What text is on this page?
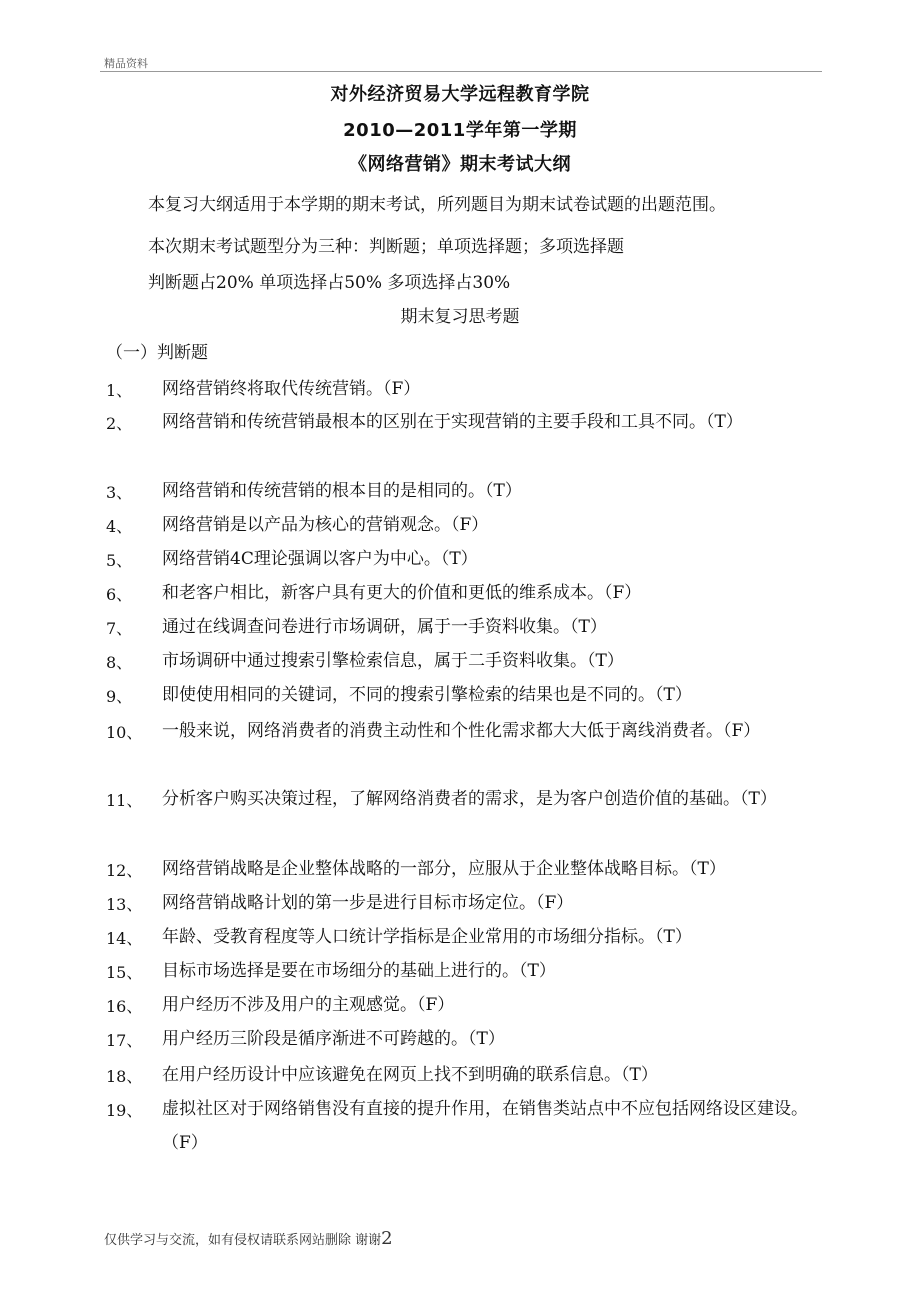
精品资料
对外经济贸易大学远程教育学院
2010—2011学年第一学期
《网络营销》期末考试大纲
本复习大纲适用于本学期的期末考试，所列题目为期末试卷试题的出题范围。
本次期末考试题型分为三种：判断题；单项选择题；多项选择题
判断题占20% 单项选择占50% 多项选择占30%
期末复习思考题
（一）判断题
1、 网络营销终将取代传统营销。（F）
2、 网络营销和传统营销最根本的区别在于实现营销的主要手段和工具不同。（T）
3、 网络营销和传统营销的根本目的是相同的。（T）
4、 网络营销是以产品为核心的营销观念。（F）
5、 网络营销4C理论强调以客户为中心。（T）
6、 和老客户相比，新客户具有更大的价值和更低的维系成本。（F）
7、 通过在线调查问卷进行市场调研，属于一手资料收集。（T）
8、 市场调研中通过搜索引擎检索信息，属于二手资料收集。（T）
9、 即使使用相同的关键词，不同的搜索引擎检索的结果也是不同的。（T）
10、 一般来说，网络消费者的消费主动性和个性化需求都大大低于离线消费者。（F）
11、 分析客户购买决策过程，了解网络消费者的需求，是为客户创造价值的基础。（T）
12、 网络营销战略是企业整体战略的一部分，应服从于企业整体战略目标。（T）
13、 网络营销战略计划的第一步是进行目标市场定位。（F）
14、 年龄、受教育程度等人口统计学指标是企业常用的市场细分指标。（T）
15、 目标市场选择是要在市场细分的基础上进行的。（T）
16、 用户经历不涉及用户的主观感觉。（F）
17、 用户经历三阶段是循序渐进不可跨越的。（T）
18、 在用户经历设计中应该避免在网页上找不到明确的联系信息。（T）
19、 虚拟社区对于网络销售没有直接的提升作用，在销售类站点中不应包括网络设区建设。（F）
仅供学习与交流，如有侵权请联系网站删除 谢谢2
